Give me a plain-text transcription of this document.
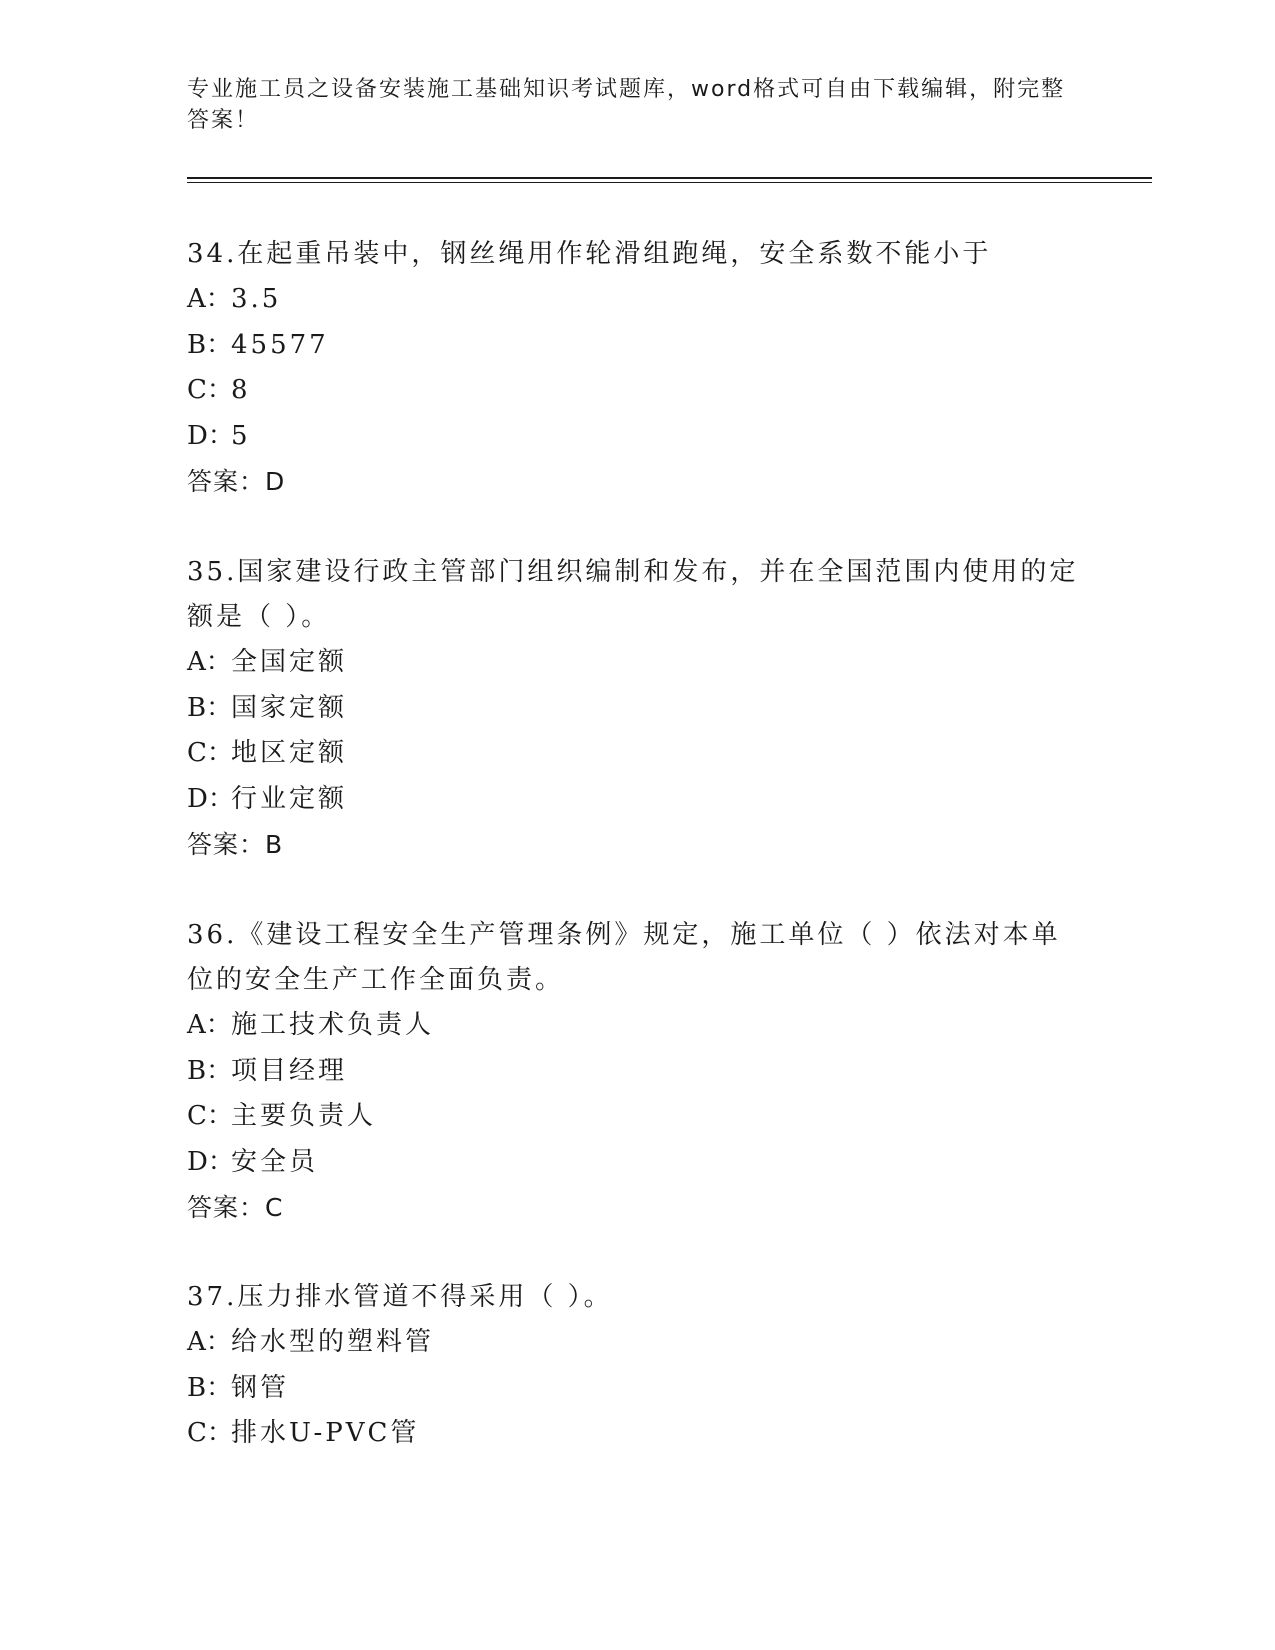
专业施工员之设备安装施工基础知识考试题库，word格式可自由下载编辑，附完整答案！

34.在起重吊装中，钢丝绳用作轮滑组跑绳，安全系数不能小于

A：3.5

B：45577

C：8

D：5

答案：D

35.国家建设行政主管部门组织编制和发布，并在全国范围内使用的定额是（ ）。

A：全国定额

B：国家定额

C：地区定额

D：行业定额

答案：B

36.《建设工程安全生产管理条例》规定，施工单位（ ）依法对本单位的安全生产工作全面负责。

A：施工技术负责人

B：项目经理

C：主要负责人

D：安全员

答案：C

37.压力排水管道不得采用（ ）。

A：给水型的塑料管

B：钢管

C：排水U-PVC管
